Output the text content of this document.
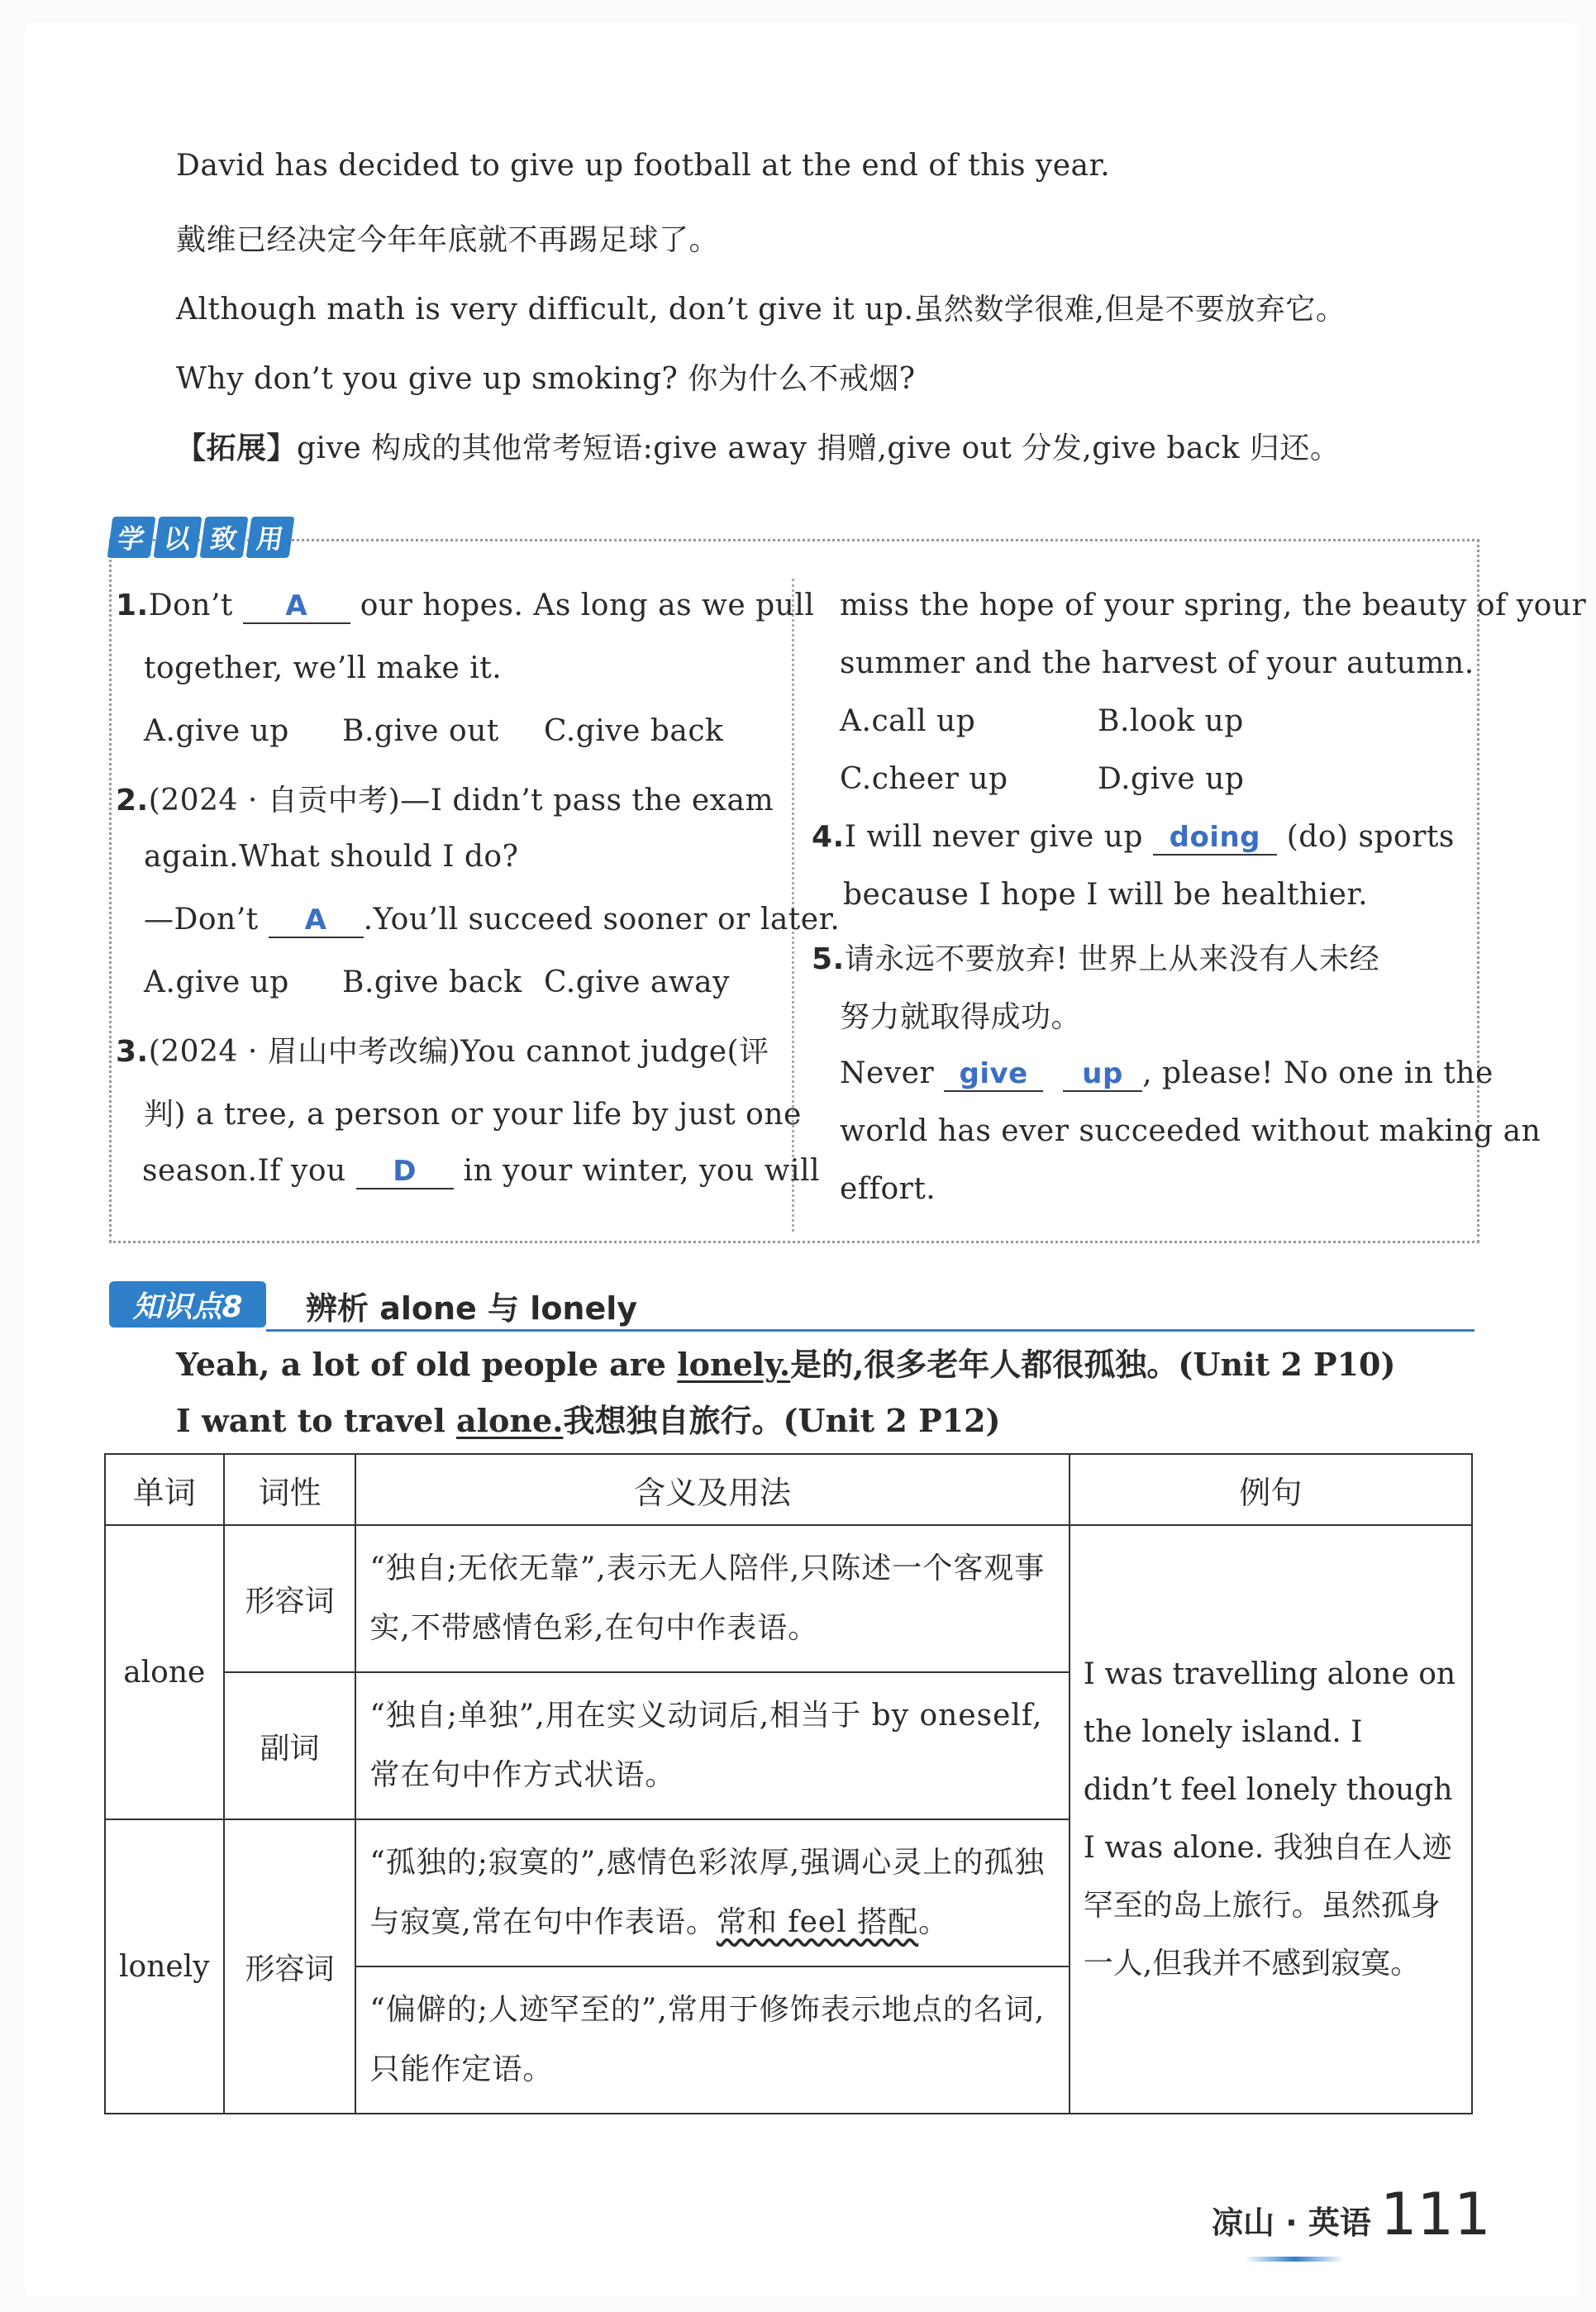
David has decided to give up football at the end of this year.
戴维已经决定今年年底就不再踢足球了。
Although math is very difficult, don’t give it up.虽然数学很难,但是不要放弃它。
Why don’t you give up smoking? 你为什么不戒烟?
【拓展】give 构成的其他常考短语:give away 捐赠,give out 分发,give back 归还。
学 以 致 用
1.Don’t A our hopes. As long as we pull
together, we’ll make it.
A.give up B.give out C.give back
2.(2024 · 自贡中考)—I didn’t pass the exam
again.What should I do?
—Don’t A .You’ll succeed sooner or later.
A.give up B.give back C.give away
3.(2024 · 眉山中考改编)You cannot judge(评
判) a tree, a person or your life by just one
season.If you D in your winter, you will
miss the hope of your spring, the beauty of your
summer and the harvest of your autumn.
A.call up	B.look up
C.cheer up	D.give up
4.I will never give up doing (do) sports
because I hope I will be healthier.
5.请永远不要放弃! 世界上从来没有人未经
努力就取得成功。
Never give up , please! No one in the
world has ever succeeded without making an
effort.
知识点8	辨析 alone 与 lonely
Yeah, a lot of old people are lonely.是的,很多老年人都很孤独。(Unit 2 P10)
I want to travel alone.我想独自旅行。(Unit 2 P12)
单词	词性	含义及用法	例句
alone	形容词	“独自;无依无靠”,表示无人陪伴,只陈述一个客观事实,不带感情色彩,在句中作表语。	I was travelling alone on the lonely island. I didn’t feel lonely though I was alone. 我独自在人迹罕至的岛上旅行。虽然孤身一人,但我并不感到寂寞。
	副词	“独自;单独”,用在实义动词后,相当于 by oneself,常在句中作方式状语。	
lonely	形容词	“孤独的;寂寞的”,感情色彩浓厚,强调心灵上的孤独与寂寞,常在句中作表语。常和 feel 搭配。	
		“偏僻的;人迹罕至的”,常用于修饰表示地点的名词,只能作定语。	
凉山 · 英语 111
